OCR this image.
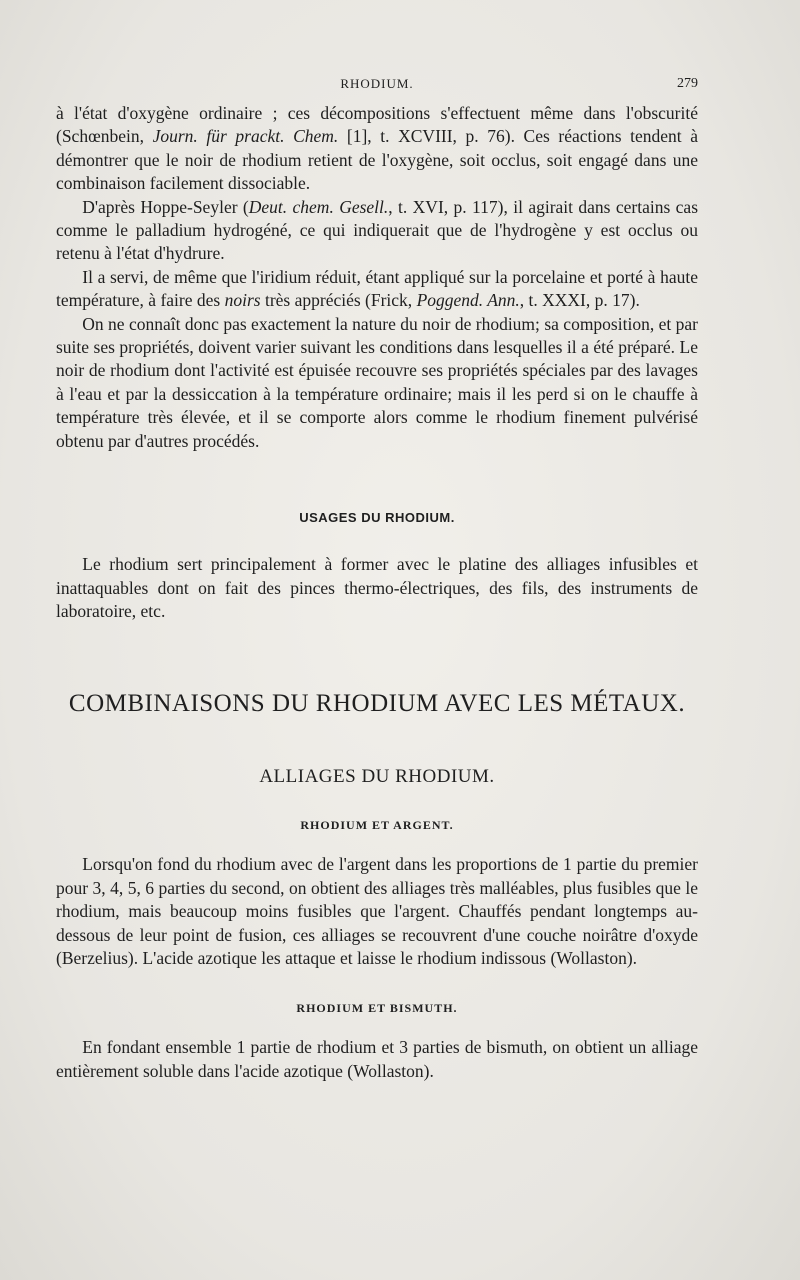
RHODIUM.	279

à l'état d'oxygène ordinaire ; ces décompositions s'effectuent même dans l'obscurité (Schœnbein, Journ. für prackt. Chem. [1], t. XCVIII, p. 76). Ces réactions tendent à démontrer que le noir de rhodium retient de l'oxygène, soit occlus, soit engagé dans une combinaison facilement dissociable.

D'après Hoppe-Seyler (Deut. chem. Gesell., t. XVI, p. 117), il agirait dans certains cas comme le palladium hydrogéné, ce qui indiquerait que de l'hydrogène y est occlus ou retenu à l'état d'hydrure.

Il a servi, de même que l'iridium réduit, étant appliqué sur la porcelaine et porté à haute température, à faire des noirs très appréciés (Frick, Poggend. Ann., t. XXXI, p. 17).

On ne connaît donc pas exactement la nature du noir de rhodium; sa composition, et par suite ses propriétés, doivent varier suivant les conditions dans lesquelles il a été préparé. Le noir de rhodium dont l'activité est épuisée recouvre ses propriétés spéciales par des lavages à l'eau et par la dessiccation à la température ordinaire; mais il les perd si on le chauffe à température très élevée, et il se comporte alors comme le rhodium finement pulvérisé obtenu par d'autres procédés.

USAGES DU RHODIUM.

Le rhodium sert principalement à former avec le platine des alliages infusibles et inattaquables dont on fait des pinces thermo-électriques, des fils, des instruments de laboratoire, etc.

COMBINAISONS DU RHODIUM AVEC LES MÉTAUX.
ALLIAGES DU RHODIUM.
RHODIUM ET ARGENT.

Lorsqu'on fond du rhodium avec de l'argent dans les proportions de 1 partie du premier pour 3, 4, 5, 6 parties du second, on obtient des alliages très malléables, plus fusibles que le rhodium, mais beaucoup moins fusibles que l'argent. Chauffés pendant longtemps au-dessous de leur point de fusion, ces alliages se recouvrent d'une couche noirâtre d'oxyde (Berzelius). L'acide azotique les attaque et laisse le rhodium indissous (Wollaston).

RHODIUM ET BISMUTH.

En fondant ensemble 1 partie de rhodium et 3 parties de bismuth, on obtient un alliage entièrement soluble dans l'acide azotique (Wollaston).
